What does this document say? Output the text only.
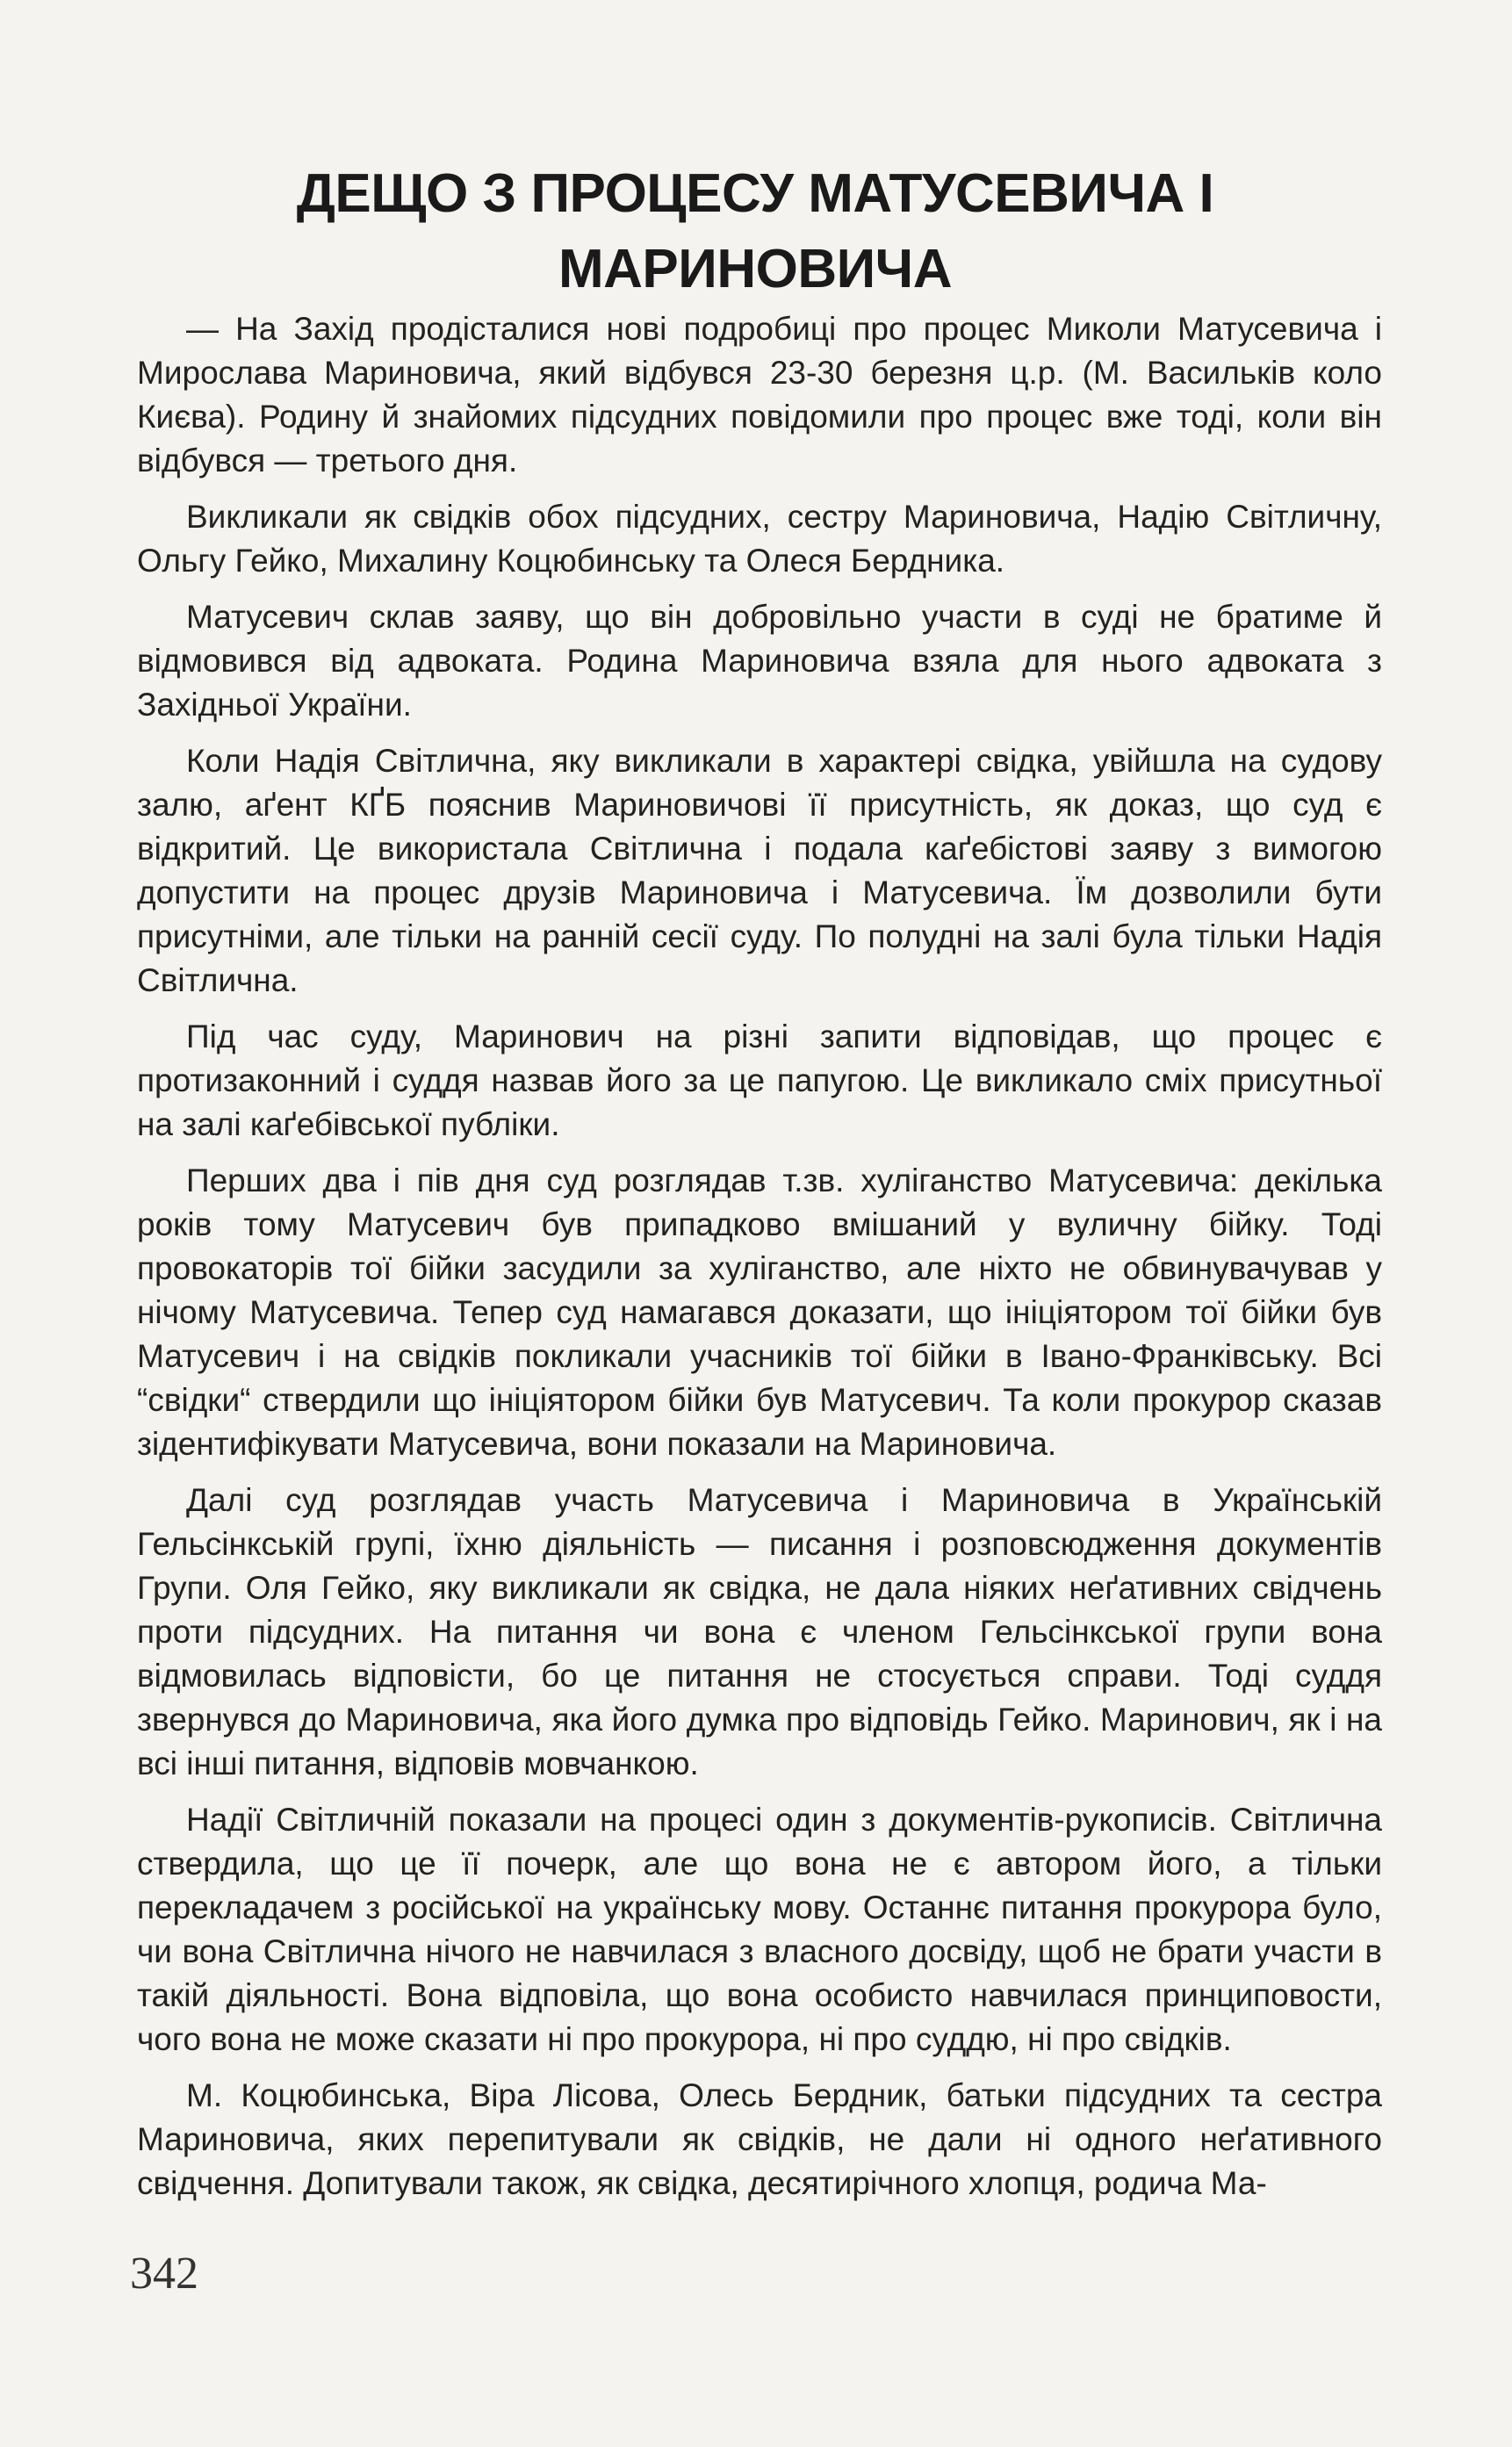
ДЕЩО З ПРОЦЕСУ МАТУСЕВИЧА І
МАРИНОВИЧА

— На Захід продісталися нові подробиці про процес Миколи Матусевича і Мирослава Мариновича, який відбувся 23-30 березня ц.р. (М. Васильків коло Києва). Родину й знайомих підсудних повідомили про процес вже тоді, коли він відбувся — третього дня.

Викликали як свідків обох підсудних, сестру Мариновича, Надію Світличну, Ольгу Гейко, Михалину Коцюбинську та Олеся Бердника.

Матусевич склав заяву, що він добровільно участи в суді не братиме й відмовився від адвоката. Родина Мариновича взяла для нього адвоката з Західньої України.

Коли Надія Світлична, яку викликали в характері свідка, увійшла на судову залю, аґент КҐБ пояснив Мариновичові її присутність, як доказ, що суд є відкритий. Це використала Світлична і подала каґебістові заяву з вимогою допустити на процес друзів Мариновича і Матусевича. Їм дозволили бути присутніми, але тільки на ранній сесії суду. По полудні на залі була тільки Надія Світлична.

Під час суду, Маринович на різні запити відповідав, що процес є протизаконний і суддя назвав його за це папугою. Це викликало сміх присутньої на залі каґебівської публіки.

Перших два і пів дня суд розглядав т.зв. хуліганство Матусевича: декілька років тому Матусевич був припадково вмішаний у вуличну бійку. Тоді провокаторів тої бійки засудили за хуліганство, але ніхто не обвинувачував у нічому Матусевича. Тепер суд намагався доказати, що ініціятором тої бійки був Матусевич і на свідків покликали учасників тої бійки в Івано-Франківську. Всі “свідки“ ствердили що ініціятором бійки був Матусевич. Та коли прокурор сказав зідентифікувати Матусевича, вони показали на Мариновича.

Далі суд розглядав участь Матусевича і Мариновича в Українській Гельсінкській групі, їхню діяльність — писання і розповсюдження документів Групи. Оля Гейко, яку викликали як свідка, не дала ніяких неґативних свідчень проти підсудних. На питання чи вона є членом Гельсінкської групи вона відмовилась відповісти, бо це питання не стосується справи. Тоді суддя звернувся до Мариновича, яка його думка про відповідь Гейко. Маринович, як і на всі інші питання, відповів мовчанкою.

Надії Світличній показали на процесі один з документів-рукописів. Світлична ствердила, що це її почерк, але що вона не є автором його, а тільки перекладачем з російської на українську мову. Останнє питання прокурора було, чи вона Світлична нічого не навчилася з власного досвіду, щоб не брати участи в такій діяльності. Вона відповіла, що вона особисто навчилася принциповости, чого вона не може сказати ні про прокурора, ні про суддю, ні про свідків.

М. Коцюбинська, Віра Лісова, Олесь Бердник, батьки підсудних та сестра Мариновича, яких перепитували як свідків, не дали ні одного неґативного свідчення. Допитували також, як свідка, десятирічного хлопця, родича Ма-

342
